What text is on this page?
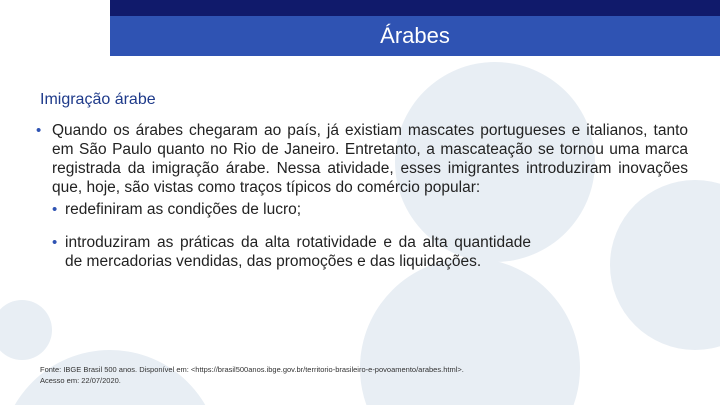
Árabes
Imigração árabe
• Quando os árabes chegaram ao país, já existiam mascates portugueses e italianos, tanto em São Paulo quanto no Rio de Janeiro. Entretanto, a mascateação se tornou uma marca registrada da imigração árabe. Nessa atividade, esses imigrantes introduziram inovações que, hoje, são vistas como traços típicos do comércio popular:
• redefiniram as condições de lucro;
• introduziram as práticas da alta rotatividade e da alta quantidade de mercadorias vendidas, das promoções e das liquidações.
Fonte: IBGE Brasil 500 anos. Disponível em: <https://brasil500anos.ibge.gov.br/territorio-brasileiro-e-povoamento/arabes.html>.
Acesso em: 22/07/2020.
